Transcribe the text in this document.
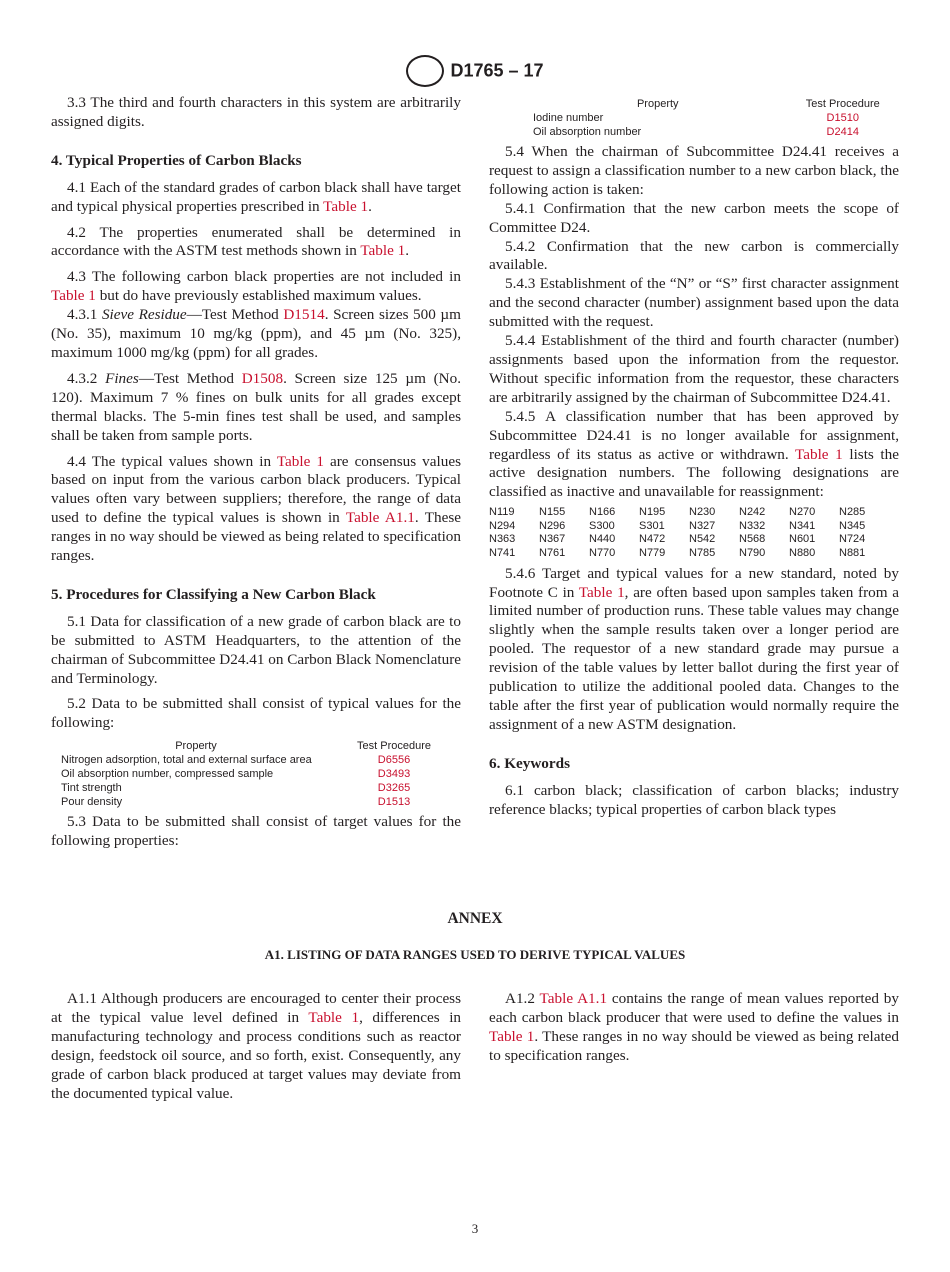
D1765 – 17

3.3 The third and fourth characters in this system are arbitrarily assigned digits.

4. Typical Properties of Carbon Blacks

4.1 Each of the standard grades of carbon black shall have target and typical physical properties prescribed in Table 1.

4.2 The properties enumerated shall be determined in accordance with the ASTM test methods shown in Table 1.

4.3 The following carbon black properties are not included in Table 1 but do have previously established maximum values.

4.3.1 Sieve Residue—Test Method D1514. Screen sizes 500 µm (No. 35), maximum 10 mg/kg (ppm), and 45 µm (No. 325), maximum 1000 mg/kg (ppm) for all grades.

4.3.2 Fines—Test Method D1508. Screen size 125 µm (No. 120). Maximum 7 % fines on bulk units for all grades except thermal blacks. The 5-min fines test shall be used, and samples shall be taken from sample ports.

4.4 The typical values shown in Table 1 are consensus values based on input from the various carbon black producers. Typical values often vary between suppliers; therefore, the range of data used to define the typical values is shown in Table A1.1. These ranges in no way should be viewed as being related to specification ranges.

5. Procedures for Classifying a New Carbon Black

5.1 Data for classification of a new grade of carbon black are to be submitted to ASTM Headquarters, to the attention of the chairman of Subcommittee D24.41 on Carbon Black Nomenclature and Terminology.

5.2 Data to be submitted shall consist of typical values for the following:

Property	Test Procedure
Nitrogen adsorption, total and external surface area	D6556
Oil absorption number, compressed sample	D3493
Tint strength	D3265
Pour density	D1513

5.3 Data to be submitted shall consist of target values for the following properties:

Property	Test Procedure
Iodine number	D1510
Oil absorption number	D2414

5.4 When the chairman of Subcommittee D24.41 receives a request to assign a classification number to a new carbon black, the following action is taken:

5.4.1 Confirmation that the new carbon meets the scope of Committee D24.

5.4.2 Confirmation that the new carbon is commercially available.

5.4.3 Establishment of the “N” or “S” first character assignment and the second character (number) assignment based upon the data submitted with the request.

5.4.4 Establishment of the third and fourth character (number) assignments based upon the information from the requestor. Without specific information from the requestor, these characters are arbitrarily assigned by the chairman of Subcommittee D24.41.

5.4.5 A classification number that has been approved by Subcommittee D24.41 is no longer available for assignment, regardless of its status as active or withdrawn. Table 1 lists the active designation numbers. The following designations are classified as inactive and unavailable for reassignment:

N119	N155	N166	N195	N230	N242	N270	N285
N294	N296	S300	S301	N327	N332	N341	N345
N363	N367	N440	N472	N542	N568	N601	N724
N741	N761	N770	N779	N785	N790	N880	N881

5.4.6 Target and typical values for a new standard, noted by Footnote C in Table 1, are often based upon samples taken from a limited number of production runs. These table values may change slightly when the sample results taken over a longer period are pooled. The requestor of a new standard grade may pursue a revision of the table values by letter ballot during the first year of publication to utilize the additional pooled data. Changes to the table after the first year of publication would normally require the assignment of a new ASTM designation.

6. Keywords

6.1 carbon black; classification of carbon blacks; industry reference blacks; typical properties of carbon black types

ANNEX
A1. LISTING OF DATA RANGES USED TO DERIVE TYPICAL VALUES

A1.1 Although producers are encouraged to center their process at the typical value level defined in Table 1, differences in manufacturing technology and process conditions such as reactor design, feedstock oil source, and so forth, exist. Consequently, any grade of carbon black produced at target values may deviate from the documented typical value.

A1.2 Table A1.1 contains the range of mean values reported by each carbon black producer that were used to define the values in Table 1. These ranges in no way should be viewed as being related to specification ranges.

3
